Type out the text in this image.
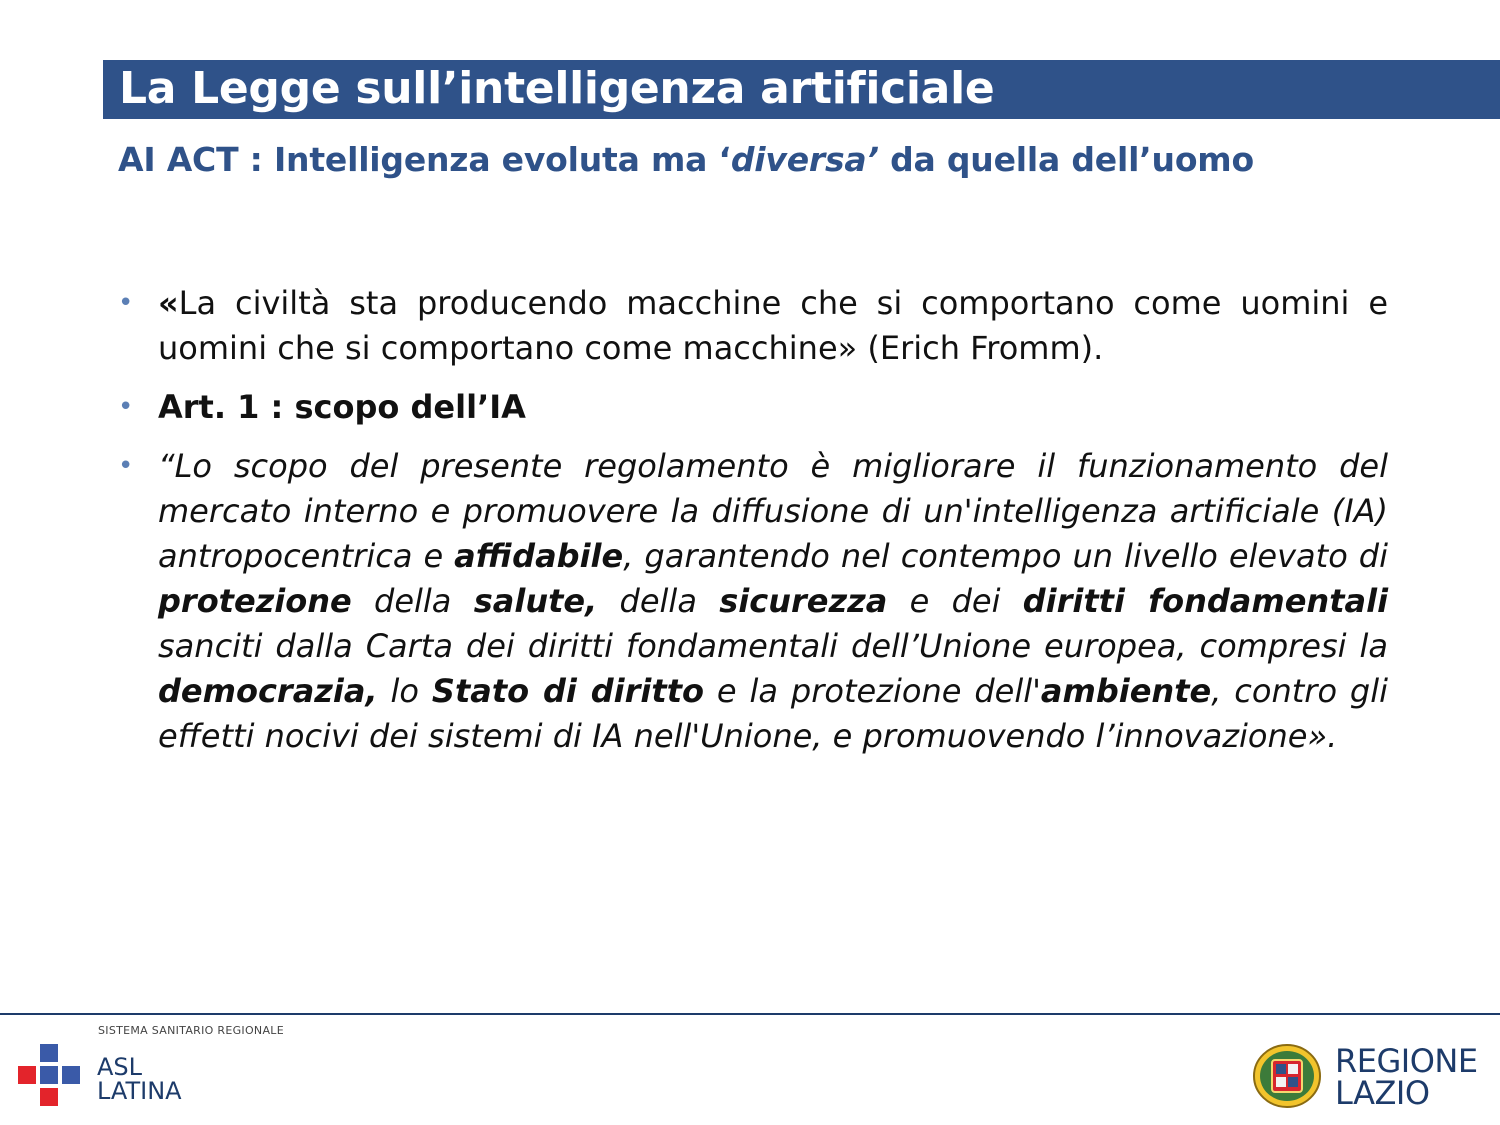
La Legge sull’intelligenza artificiale
AI ACT : Intelligenza evoluta ma ‘diversa’ da quella dell’uomo
• «La civiltà sta producendo macchine che si comportano come uomini e uomini che si comportano come macchine» (Erich Fromm).
• Art. 1 : scopo dell’IA
• “Lo scopo del presente regolamento è migliorare il funzionamento del mercato interno e promuovere la diffusione di un'intelligenza artificiale (IA) antropocentrica e affidabile, garantendo nel contempo un livello elevato di protezione della salute, della sicurezza e dei diritti fondamentali sanciti dalla Carta dei diritti fondamentali dell’Unione europea, compresi la democrazia, lo Stato di diritto e la protezione dell'ambiente, contro gli effetti nocivi dei sistemi di IA nell'Unione, e promuovendo l’innovazione».
SISTEMA SANITARIO REGIONALE
ASL
LATINA
REGIONE
LAZIO
